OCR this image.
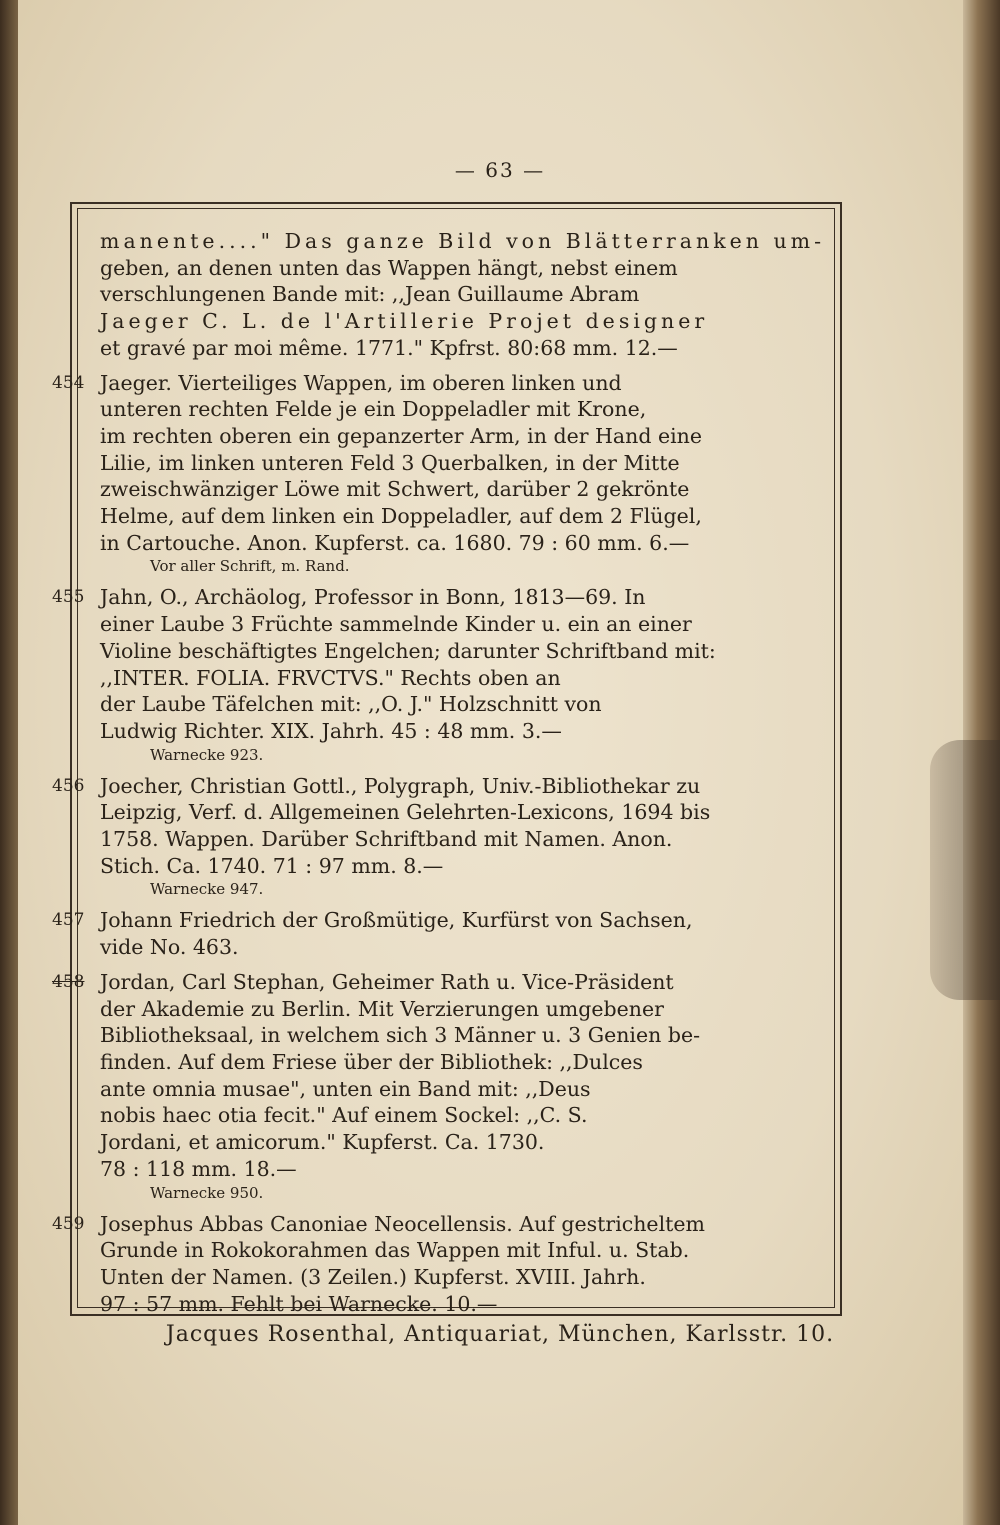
— 63 —
manente...." Das ganze Bild von Blätterranken um-
geben, an denen unten das Wappen hängt, nebst einem
verschlungenen Bande mit: ,,Jean Guillaume Abram
Jaeger C. L. de l'Artillerie Projet designer
et gravé par moi même. 1771." Kpfrst. 80:68 mm. 12.—
454 Jaeger. Vierteiliges Wappen, im oberen linken und
unteren rechten Felde je ein Doppeladler mit Krone,
im rechten oberen ein gepanzerter Arm, in der Hand eine
Lilie, im linken unteren Feld 3 Querbalken, in der Mitte
zweischwänziger Löwe mit Schwert, darüber 2 gekrönte
Helme, auf dem linken ein Doppeladler, auf dem 2 Flügel,
in Cartouche. Anon. Kupferst. ca. 1680. 79 : 60 mm. 6.—
Vor aller Schrift, m. Rand.
455 Jahn, O., Archäolog, Professor in Bonn, 1813—69. In
einer Laube 3 Früchte sammelnde Kinder u. ein an einer
Violine beschäftigtes Engelchen; darunter Schriftband mit:
,,INTER. FOLIA. FRVCTVS." Rechts oben an
der Laube Täfelchen mit: ,,O. J." Holzschnitt von
Ludwig Richter. XIX. Jahrh. 45 : 48 mm. 3.—
Warnecke 923.
456 Joecher, Christian Gottl., Polygraph, Univ.-Bibliothekar zu
Leipzig, Verf. d. Allgemeinen Gelehrten-Lexicons, 1694 bis
1758. Wappen. Darüber Schriftband mit Namen. Anon.
Stich. Ca. 1740. 71 : 97 mm. 8.—
Warnecke 947.
457 Johann Friedrich der Großmütige, Kurfürst von Sachsen,
vide No. 463.
458 Jordan, Carl Stephan, Geheimer Rath u. Vice-Präsident
der Akademie zu Berlin. Mit Verzierungen umgebener
Bibliotheksaal, in welchem sich 3 Männer u. 3 Genien be-
finden. Auf dem Friese über der Bibliothek: ,,Dulces
ante omnia musae", unten ein Band mit: ,,Deus
nobis haec otia fecit." Auf einem Sockel: ,,C. S.
Jordani, et amicorum." Kupferst. Ca. 1730.
78 : 118 mm. 18.—
Warnecke 950.
459 Josephus Abbas Canoniae Neocellensis. Auf gestricheltem
Grunde in Rokokorahmen das Wappen mit Inful. u. Stab.
Unten der Namen. (3 Zeilen.) Kupferst. XVIII. Jahrh.
97 : 57 mm. Fehlt bei Warnecke. 10.—
Jacques Rosenthal, Antiquariat, München, Karlsstr. 10.
